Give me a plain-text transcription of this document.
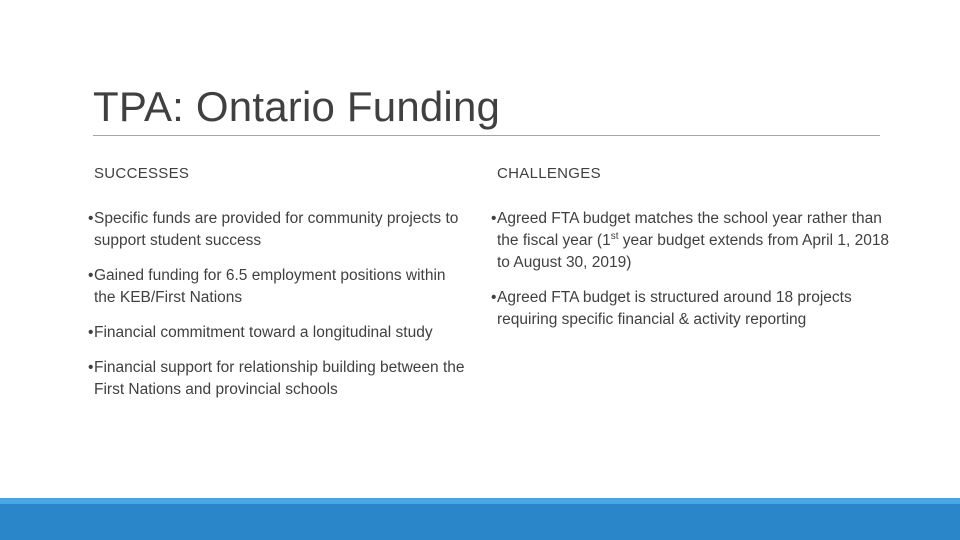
TPA: Ontario Funding
SUCCESSES	CHALLENGES
• Specific funds are provided for community projects to support student success
• Gained funding for 6.5 employment positions within the KEB/First Nations
• Financial commitment toward a longitudinal study
• Financial support for relationship building between the First Nations and provincial schools
• Agreed FTA budget matches the school year rather than the fiscal year (1st year budget extends from April 1, 2018 to August 30, 2019)
• Agreed FTA budget is structured around 18 projects requiring specific financial & activity reporting
